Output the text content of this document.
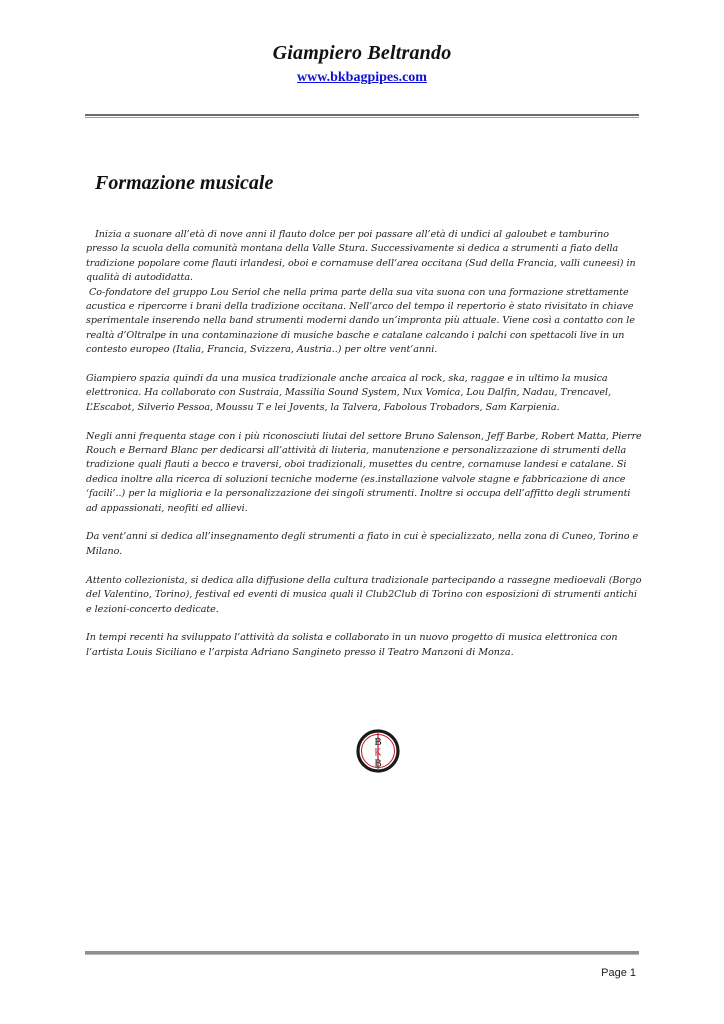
Giampiero Beltrando
www.bkbagpipes.com
Formazione musicale

Inizia a suonare all’età di nove anni il flauto dolce per poi passare all’età di undici al galoubet e tamburino presso la scuola della comunità montana della Valle Stura. Successivamente si dedica a strumenti a fiato della tradizione popolare come flauti irlandesi, oboi e cornamuse dell’area occitana (Sud della Francia, valli cuneesi) in qualità di autodidatta.

Co-fondatore del gruppo Lou Seriol che nella prima parte della sua vita suona con una formazione strettamente acustica e ripercorre i brani della tradizione occitana. Nell’arco del tempo il repertorio è stato rivisitato in chiave sperimentale inserendo nella band strumenti moderni dando un’impronta più attuale. Viene così a contatto con le realtà d’Oltralpe in una contaminazione di musiche basche e catalane calcando i palchi con spettacoli live in un contesto europeo (Italia, Francia, Svizzera, Austria..) per oltre vent’anni.

Giampiero spazia quindi da una musica tradizionale anche arcaica al rock, ska, raggae e in ultimo la musica elettronica. Ha collaborato con Sustraia, Massilia Sound System, Nux Vomica, Lou Dalfin, Nadau, Trencavel, L’Escabot, Silverio Pessoa, Moussu T e lei Jovents, la Talvera, Fabolous Trobadors, Sam Karpienia.

Negli anni frequenta stage con i più riconosciuti liutai del settore Bruno Salenson, Jeff Barbe, Robert Matta, Pierre Rouch e Bernard Blanc per dedicarsi all’attività di liuteria, manutenzione e personalizzazione di strumenti della tradizione quali flauti a becco e traversi, oboi tradizionali, musettes du centre, cornamuse landesi e catalane. Si dedica inoltre alla ricerca di soluzioni tecniche moderne (es.installazione valvole stagne e fabbricazione di ance ‘facili’..) per la miglioria e la personalizzazione dei singoli strumenti. Inoltre si occupa dell’affitto degli strumenti ad appassionati, neofiti ed allievi.

Da vent’anni si dedica all’insegnamento degli strumenti a fiato in cui è specializzato, nella zona di Cuneo, Torino e Milano.

Attento collezionista, si dedica alla diffusione della cultura tradizionale partecipando a rassegne medioevali (Borgo del Valentino, Torino), festival ed eventi di musica quali il Club2Club di Torino con esposizioni di strumenti antichi e lezioni-concerto dedicate.

In tempi recenti ha sviluppato l’attività da solista e collaborato in un nuovo progetto di musica elettronica con l’artista Louis Siciliano e l’arpista Adriano Sangineto presso il Teatro Manzoni di Monza.

B
K
B
Page 1
